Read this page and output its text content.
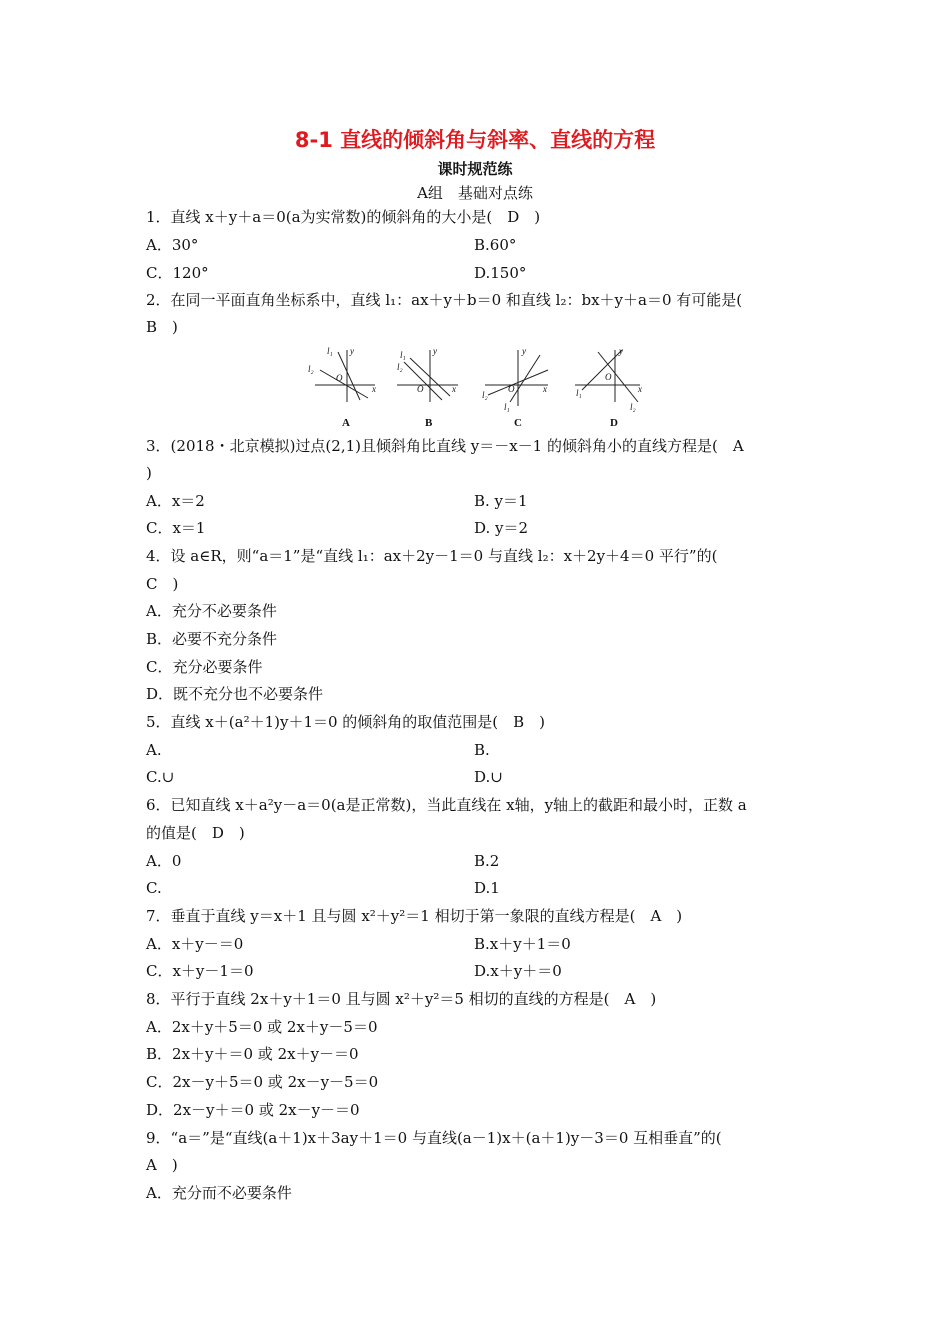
8-1 直线的倾斜角与斜率、直线的方程
课时规范练
A组　基础对点练
1．直线 x＋y＋a＝0(a为实常数)的倾斜角的大小是(　D　)
A．30°	B.60°
C．120°	D.150°
2．在同一平面直角坐标系中，直线 l₁：ax＋y＋b＝0 和直线 l₂：bx＋y＋a＝0 有可能是(
B　)
y
x
O
l₁
l₂
y
x
O
l₁
l₂
y
x
O
l₂
l₁
y
x
O
l₁
l₂
A	B	C	D
3．(2018・北京模拟)过点(2,1)且倾斜角比直线 y＝－x－1 的倾斜角小的直线方程是(　A
)
A．x＝2	B. y＝1
C．x＝1	D. y＝2
4．设 a∈R，则“a＝1”是“直线 l₁：ax＋2y－1＝0 与直线 l₂：x＋2y＋4＝0 平行”的(
C　)
A．充分不必要条件
B．必要不充分条件
C．充分必要条件
D．既不充分也不必要条件
5．直线 x＋(a²＋1)y＋1＝0 的倾斜角的取值范围是(　B　)
A.	B.
C.∪	D.∪
6．已知直线 x＋a²y－a＝0(a是正常数)，当此直线在 x轴，y轴上的截距和最小时，正数 a
的值是(　D　)
A．0	B.2
C.	D.1
7．垂直于直线 y＝x＋1 且与圆 x²＋y²＝1 相切于第一象限的直线方程是(　A　)
A．x＋y－＝0	B.x＋y＋1＝0
C．x＋y－1＝0	D.x＋y＋＝0
8．平行于直线 2x＋y＋1＝0 且与圆 x²＋y²＝5 相切的直线的方程是(　A　)
A．2x＋y＋5＝0 或 2x＋y－5＝0
B．2x＋y＋＝0 或 2x＋y－＝0
C．2x－y＋5＝0 或 2x－y－5＝0
D．2x－y＋＝0 或 2x－y－＝0
9．“a＝”是“直线(a＋1)x＋3ay＋1＝0 与直线(a－1)x＋(a＋1)y－3＝0 互相垂直”的(
A　)
A．充分而不必要条件
